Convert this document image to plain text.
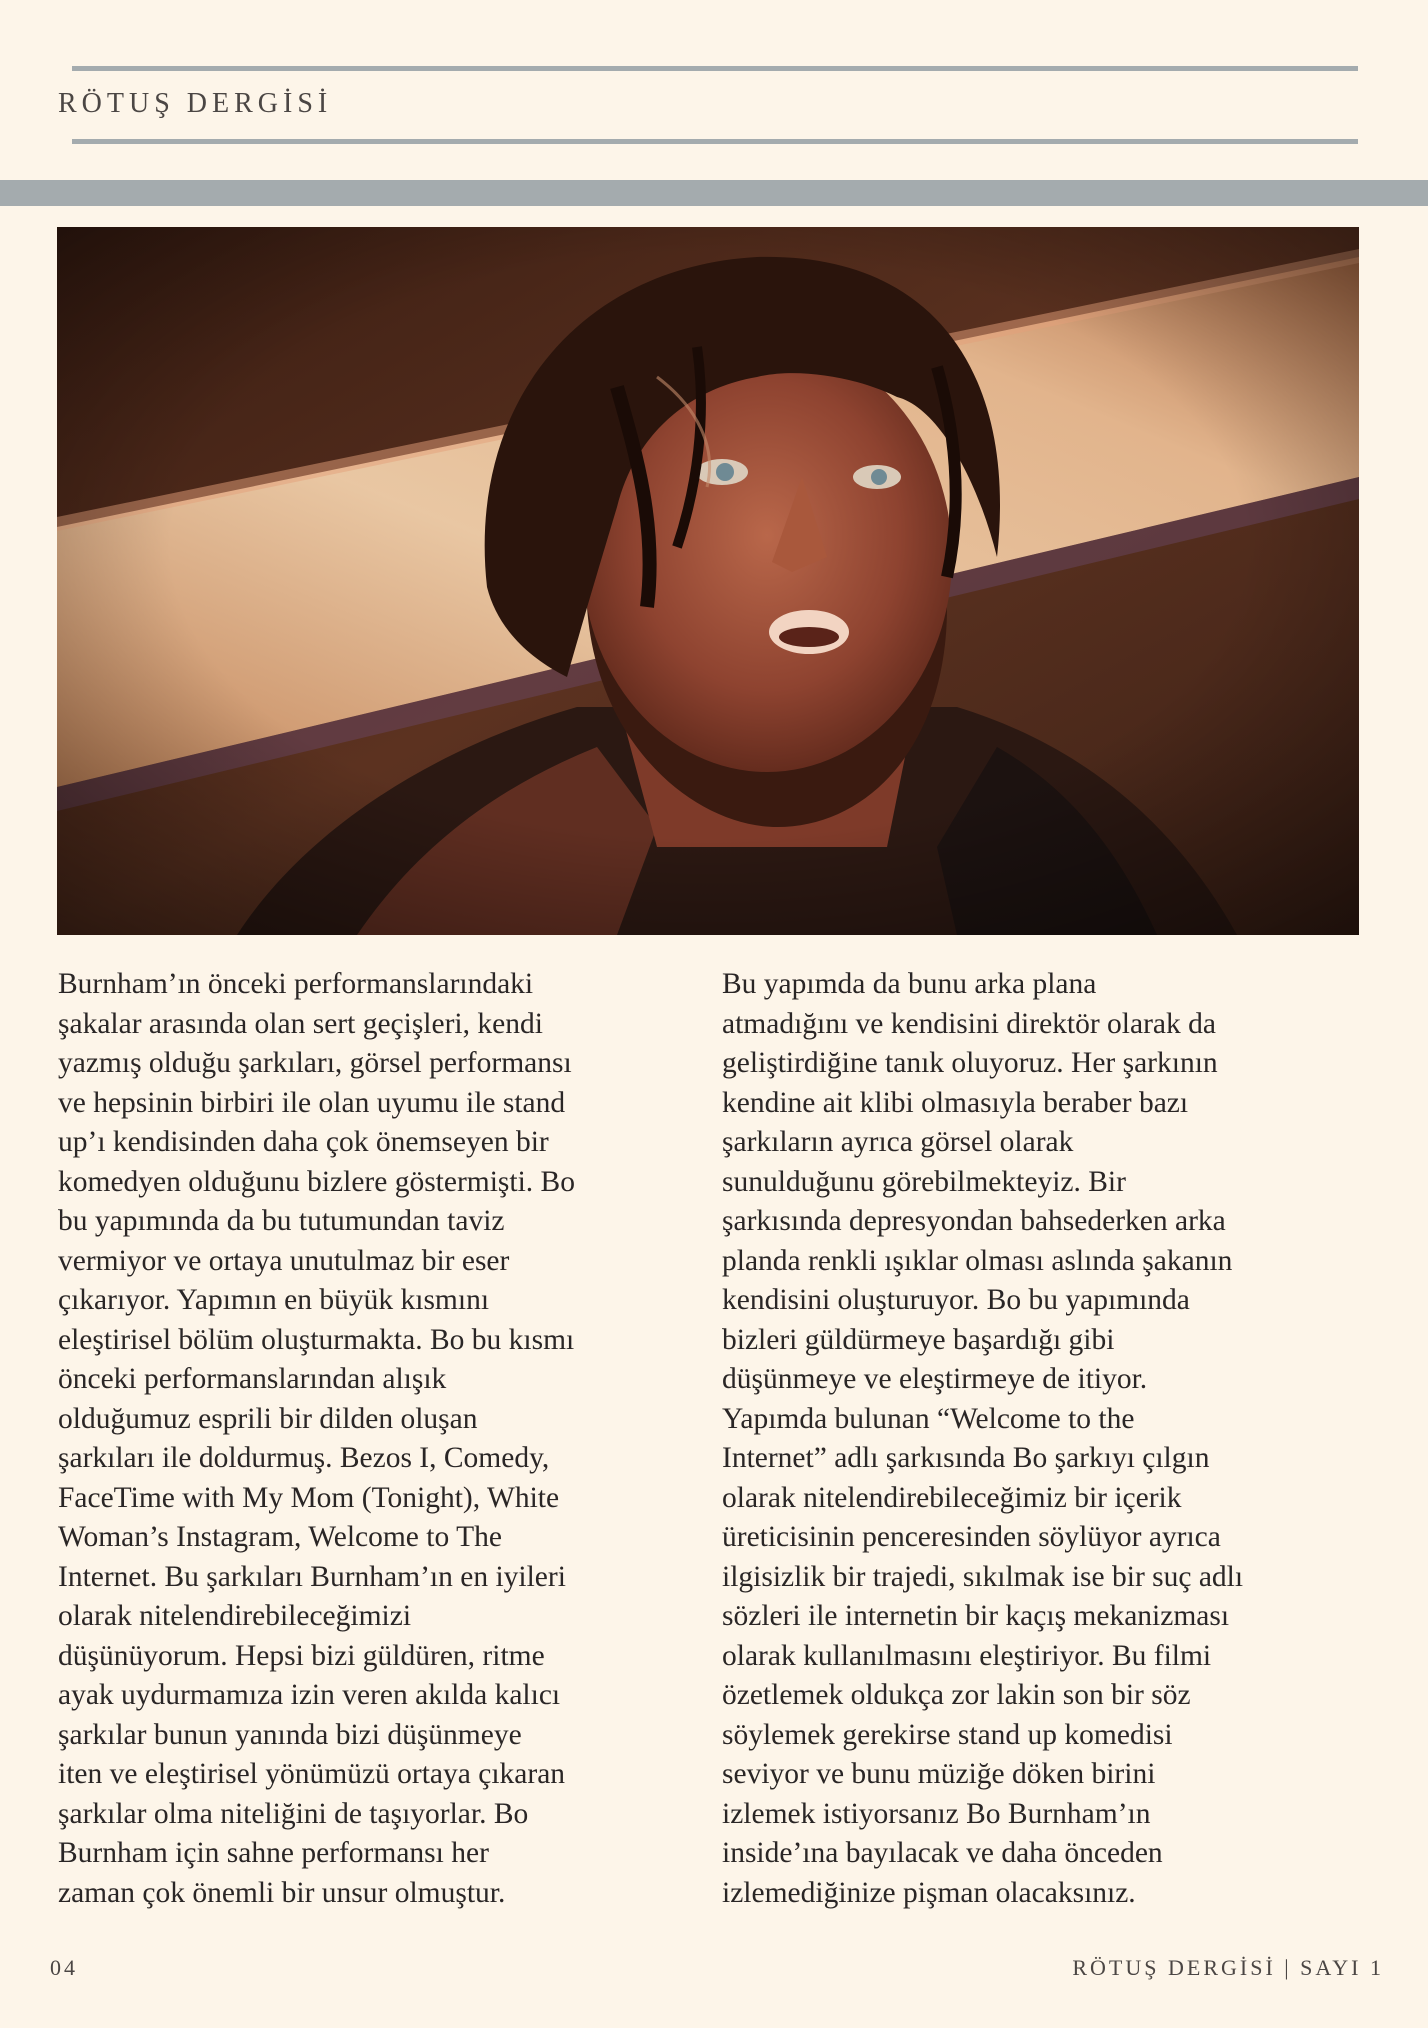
RÖTUŞ DERGİSİ
Burnham’ın önceki performanslarındaki
şakalar arasında olan sert geçişleri, kendi
yazmış olduğu şarkıları, görsel performansı
ve hepsinin birbiri ile olan uyumu ile stand
up’ı kendisinden daha çok önemseyen bir
komedyen olduğunu bizlere göstermişti. Bo
bu yapımında da bu tutumundan taviz
vermiyor ve ortaya unutulmaz bir eser
çıkarıyor. Yapımın en büyük kısmını
eleştirisel bölüm oluşturmakta. Bo bu kısmı
önceki performanslarından alışık
olduğumuz esprili bir dilden oluşan
şarkıları ile doldurmuş. Bezos I, Comedy,
FaceTime with My Mom (Tonight), White
Woman’s Instagram, Welcome to The
Internet. Bu şarkıları Burnham’ın en iyileri
olarak nitelendirebileceğimizi
düşünüyorum. Hepsi bizi güldüren, ritme
ayak uydurmamıza izin veren akılda kalıcı
şarkılar bunun yanında bizi düşünmeye
iten ve eleştirisel yönümüzü ortaya çıkaran
şarkılar olma niteliğini de taşıyorlar. Bo
Burnham için sahne performansı her
zaman çok önemli bir unsur olmuştur.
Bu yapımda da bunu arka plana
atmadığını ve kendisini direktör olarak da
geliştirdiğine tanık oluyoruz. Her şarkının
kendine ait klibi olmasıyla beraber bazı
şarkıların ayrıca görsel olarak
sunulduğunu görebilmekteyiz. Bir
şarkısında depresyondan bahsederken arka
planda renkli ışıklar olması aslında şakanın
kendisini oluşturuyor. Bo bu yapımında
bizleri güldürmeye başardığı gibi
düşünmeye ve eleştirmeye de itiyor.
Yapımda bulunan “Welcome to the
Internet” adlı şarkısında Bo şarkıyı çılgın
olarak nitelendirebileceğimiz bir içerik
üreticisinin penceresinden söylüyor ayrıca
ilgisizlik bir trajedi, sıkılmak ise bir suç adlı
sözleri ile internetin bir kaçış mekanizması
olarak kullanılmasını eleştiriyor. Bu filmi
özetlemek oldukça zor lakin son bir söz
söylemek gerekirse stand up komedisi
seviyor ve bunu müziğe döken birini
izlemek istiyorsanız Bo Burnham’ın
inside’ına bayılacak ve daha önceden
izlemediğinize pişman olacaksınız.
04	RÖTUŞ DERGİSİ | SAYI 1
